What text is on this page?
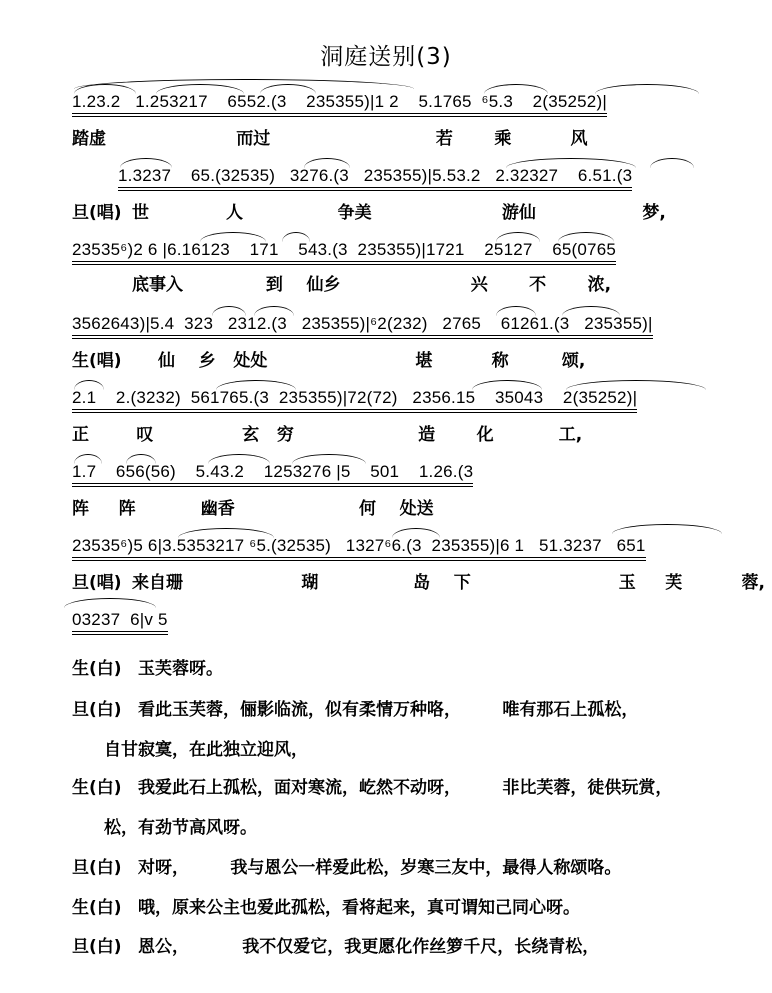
洞庭送别(3)
1.23.2   1.253217    6552.(3    235355)|1 2    5.1765  ⁶5.3    2(35252)|
踏虚                      而过                            若       乘          风
1.3237    65.(32535)   3276.(3   235355)|5.53.2   2.32327    6.51.(3
旦(唱) 世             人                争美                      游仙                  梦,
23535⁶)2 6 |6.16123    171    543.(3  235355)|1721    25127    65(0765
底事入              到    仙乡                      兴       不       浓,
3562643)|5.4  323   2312.(3   235355)|⁶2(232)   2765    61261.(3   235355)|
生(唱) 仙    乡   处处                         堪          称         颂,
2.1    2.(3232)  561765.(3  235355)|72(72)   2356.15    35043    2(35252)|
正        叹               玄   穷                     造       化           工,
1.7    656(56)    5.43.2    1253276 |5    501    1.26.(3
阵     阵           幽香                     何    处送
23535⁶)5 6|3.5353217 ⁶5.(32535)   1327⁶6.(3  235355)|6 1   51.3237   651
旦(唱) 来自珊                    瑚                岛    下                         玉     芙          蓉,
03237  6|v 5
生(白) 玉芙蓉呀。
旦(白) 看此玉芙蓉，俪影临流，似有柔情万种咯，       唯有那石上孤松，
自甘寂寞，在此独立迎风，
生(白) 我爱此石上孤松，面对寒流，屹然不动呀，       非比芙蓉，徒供玩赏，
松，有劲节高风呀。
旦(白) 对呀，       我与恩公一样爱此松，岁寒三友中，最得人称颂咯。
生(白) 哦，原来公主也爱此孤松，看将起来，真可谓知己同心呀。
旦(白) 恩公，         我不仅爱它，我更愿化作丝箩千尺，长绕青松，
